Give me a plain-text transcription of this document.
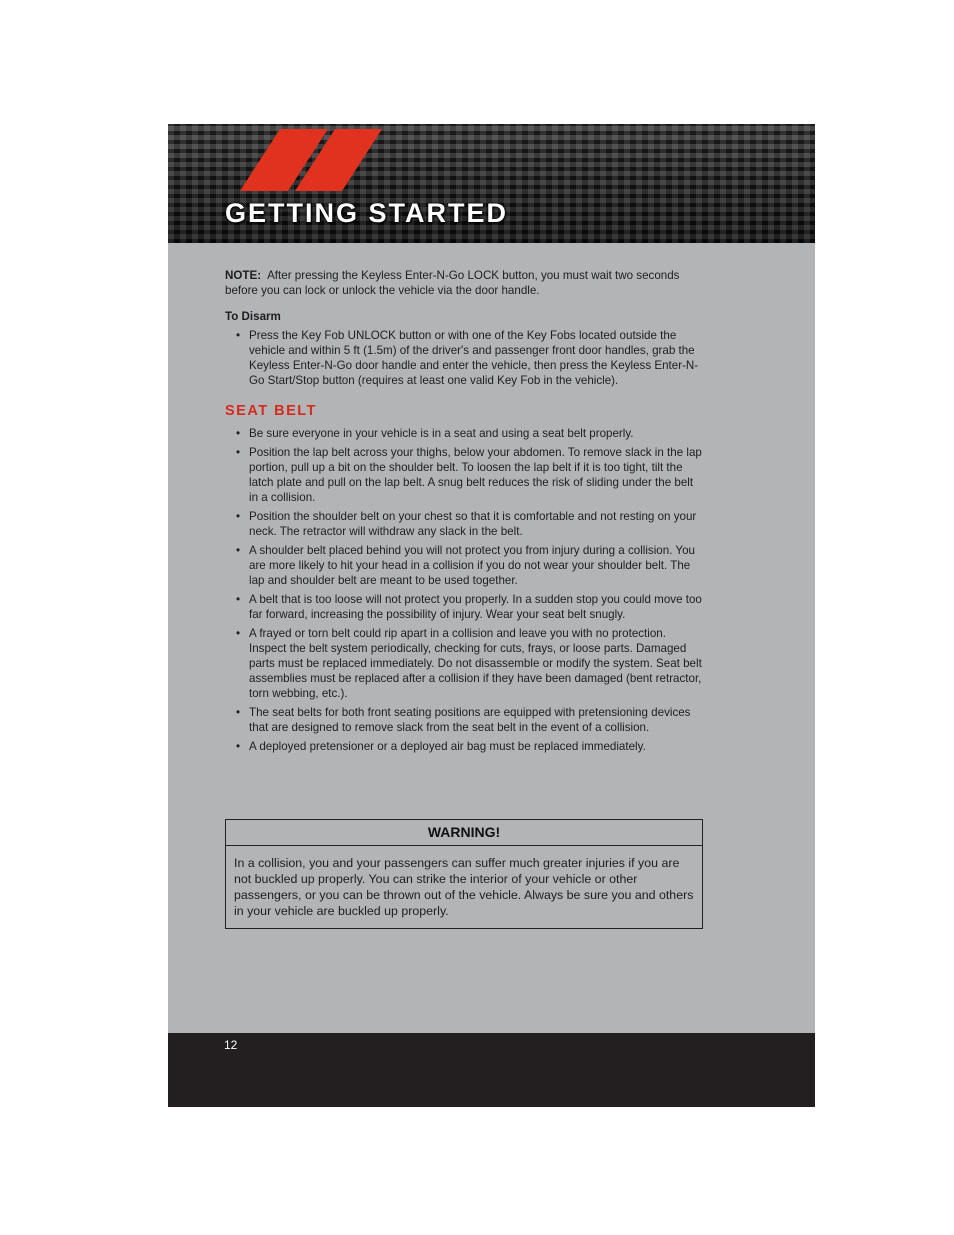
GETTING STARTED

NOTE: After pressing the Keyless Enter-N-Go LOCK button, you must wait two seconds before you can lock or unlock the vehicle via the door handle.

To Disarm
• Press the Key Fob UNLOCK button or with one of the Key Fobs located outside the vehicle and within 5 ft (1.5m) of the driver's and passenger front door handles, grab the Keyless Enter-N-Go door handle and enter the vehicle, then press the Keyless Enter-N-Go Start/Stop button (requires at least one valid Key Fob in the vehicle).
SEAT BELT
• Be sure everyone in your vehicle is in a seat and using a seat belt properly.
• Position the lap belt across your thighs, below your abdomen. To remove slack in the lap portion, pull up a bit on the shoulder belt. To loosen the lap belt if it is too tight, tilt the latch plate and pull on the lap belt. A snug belt reduces the risk of sliding under the belt in a collision.
• Position the shoulder belt on your chest so that it is comfortable and not resting on your neck. The retractor will withdraw any slack in the belt.
• A shoulder belt placed behind you will not protect you from injury during a collision. You are more likely to hit your head in a collision if you do not wear your shoulder belt. The lap and shoulder belt are meant to be used together.
• A belt that is too loose will not protect you properly. In a sudden stop you could move too far forward, increasing the possibility of injury. Wear your seat belt snugly.
• A frayed or torn belt could rip apart in a collision and leave you with no protection. Inspect the belt system periodically, checking for cuts, frays, or loose parts. Damaged parts must be replaced immediately. Do not disassemble or modify the system. Seat belt assemblies must be replaced after a collision if they have been damaged (bent retractor, torn webbing, etc.).
• The seat belts for both front seating positions are equipped with pretensioning devices that are designed to remove slack from the seat belt in the event of a collision.
• A deployed pretensioner or a deployed air bag must be replaced immediately.
WARNING!
In a collision, you and your passengers can suffer much greater injuries if you are not buckled up properly. You can strike the interior of your vehicle or other passengers, or you can be thrown out of the vehicle. Always be sure you and others in your vehicle are buckled up properly.
12
